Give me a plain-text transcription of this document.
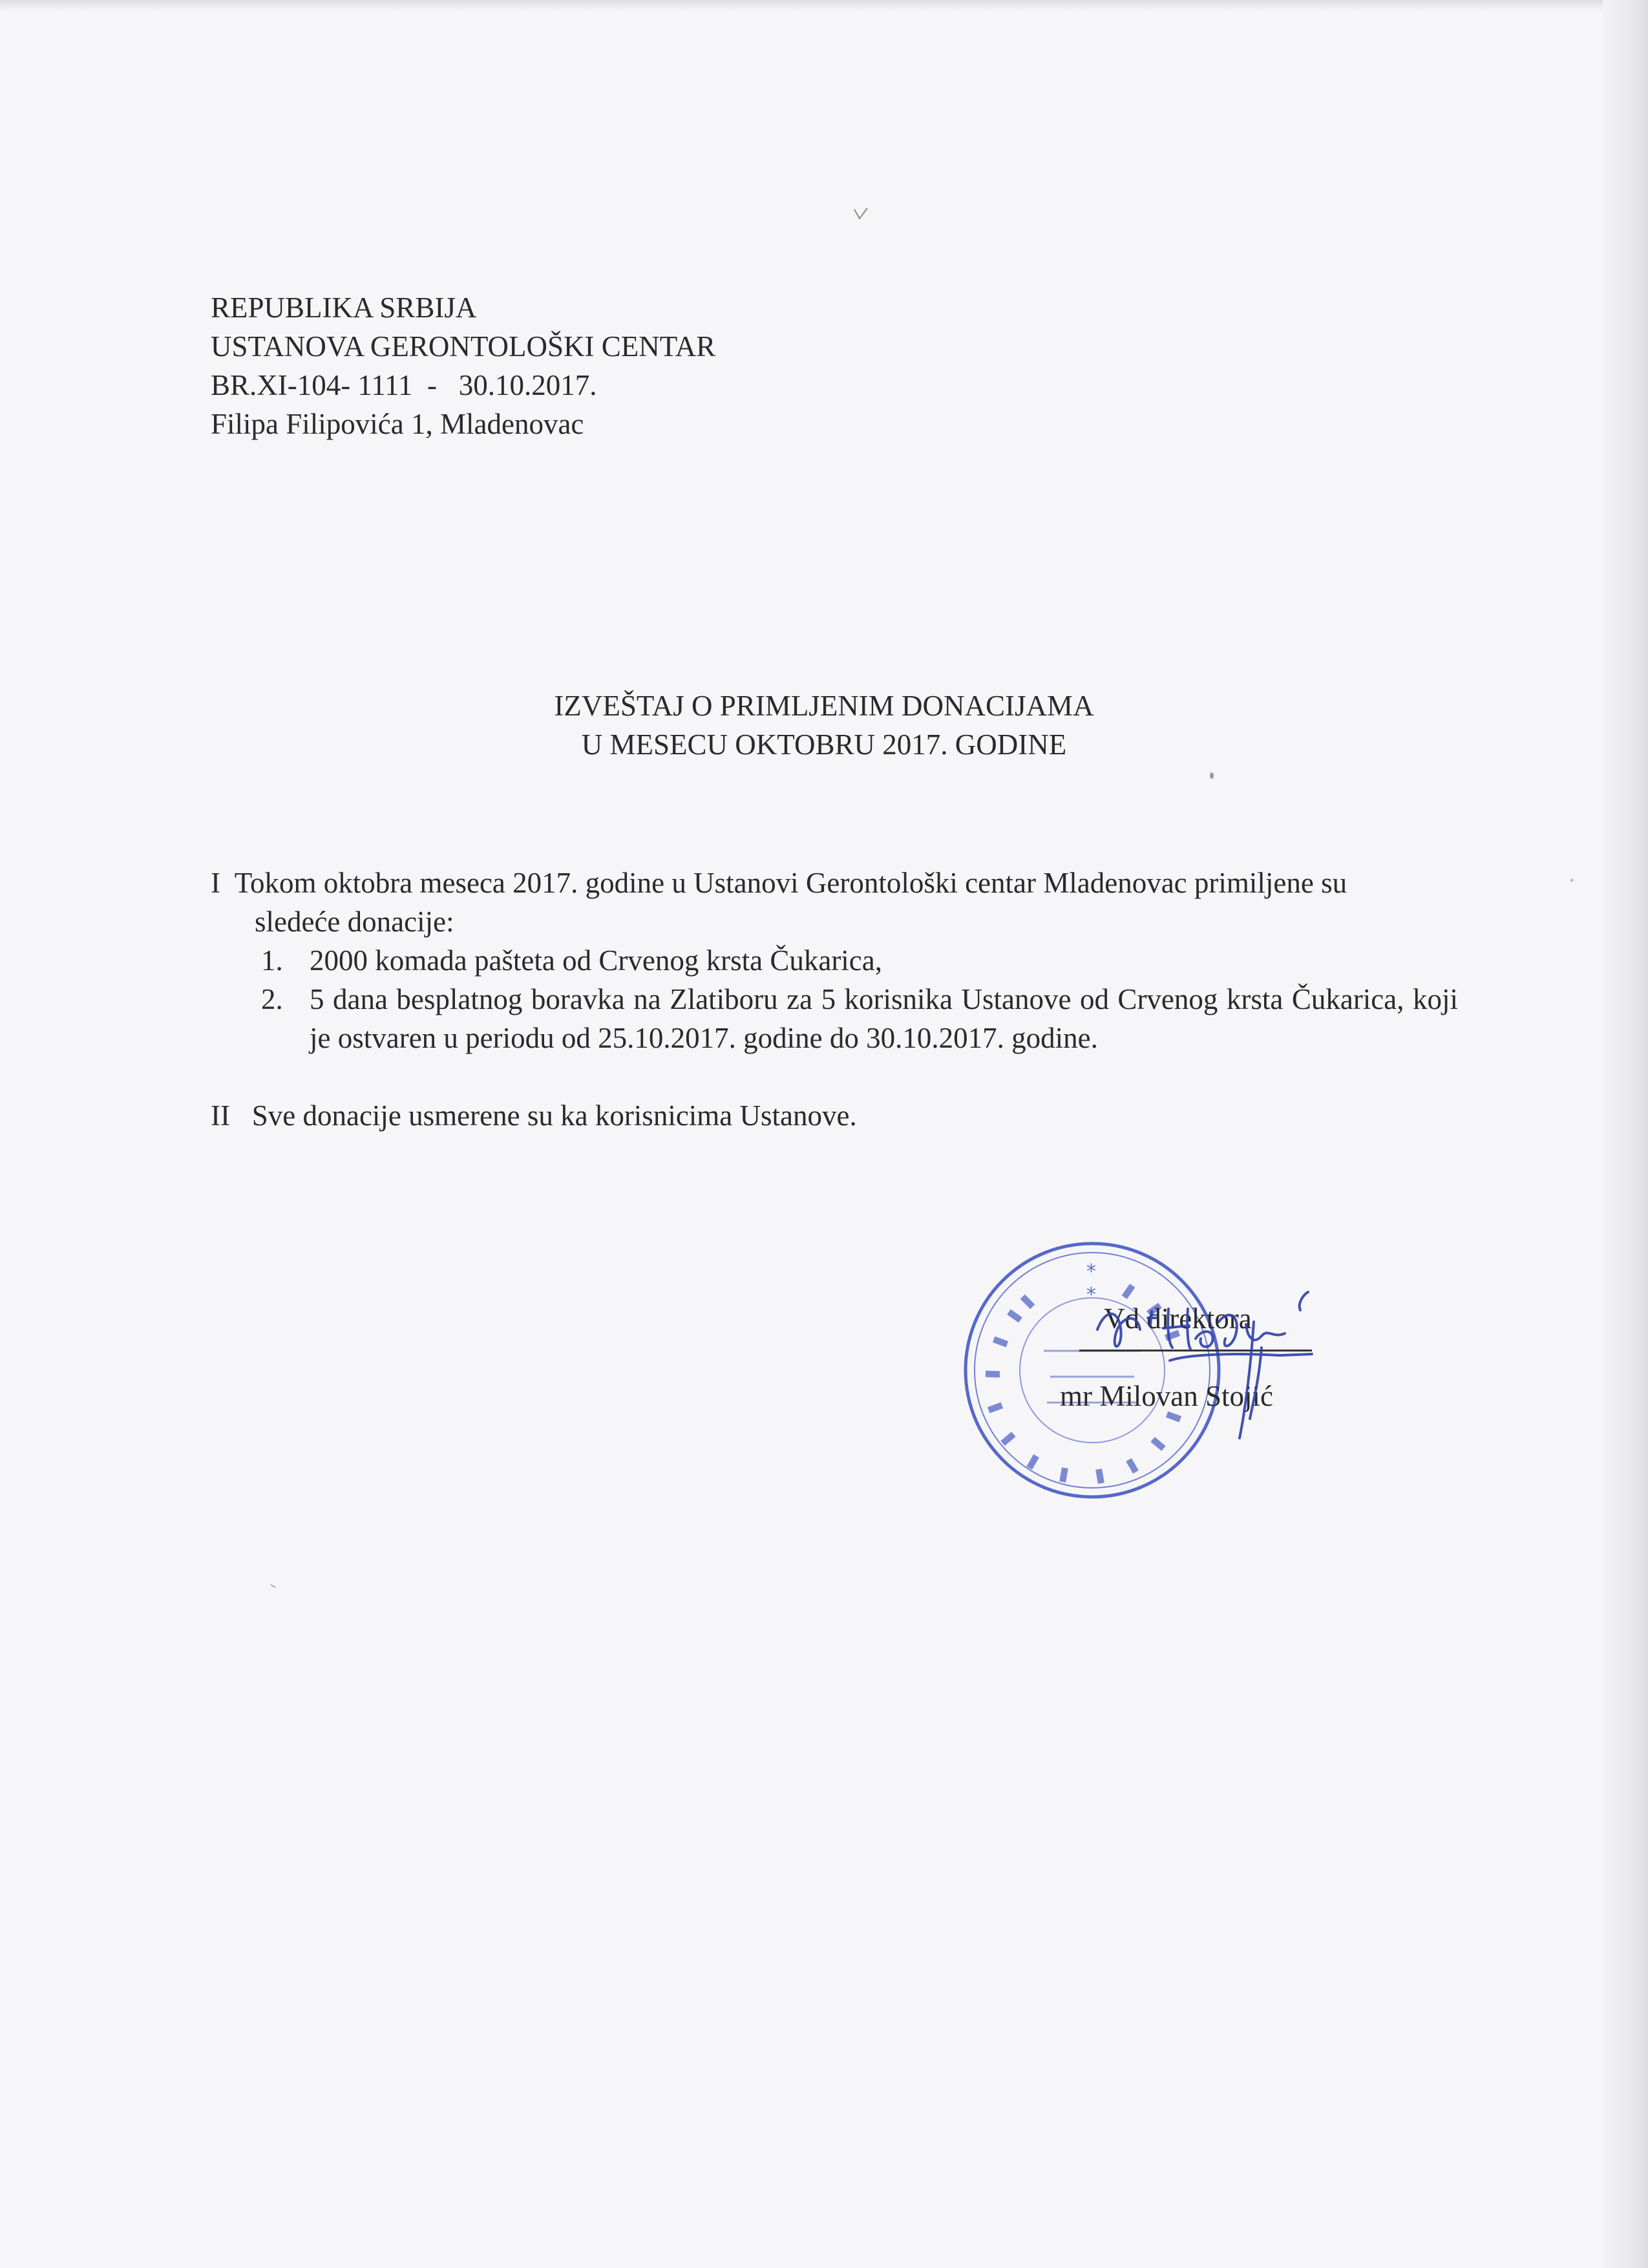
REPUBLIKA SRBIJA
USTANOVA GERONTOLOŠKI CENTAR
BR.XI-104- 1111  -   30.10.2017.
Filipa Filipovića 1, Mladenovac
IZVEŠTAJ O PRIMLJENIM DONACIJAMA
U MESECU OKTOBRU 2017. GODINE
I Tokom oktobra meseca 2017. godine u Ustanovi Gerontološki centar Mladenovac primiljene su
sledeće donacije:
1. 2000 komada pašteta od Crvenog krsta Čukarica,
2. 5 dana besplatnog boravka na Zlatiboru za 5 korisnika Ustanove od Crvenog krsta Čukarica, koji je ostvaren u periodu od 25.10.2017. godine do 30.10.2017. godine.
II Sve donacije usmerene su ka korisnicima Ustanove.
*
*
Vd direktora
mr Milovan Stojić
